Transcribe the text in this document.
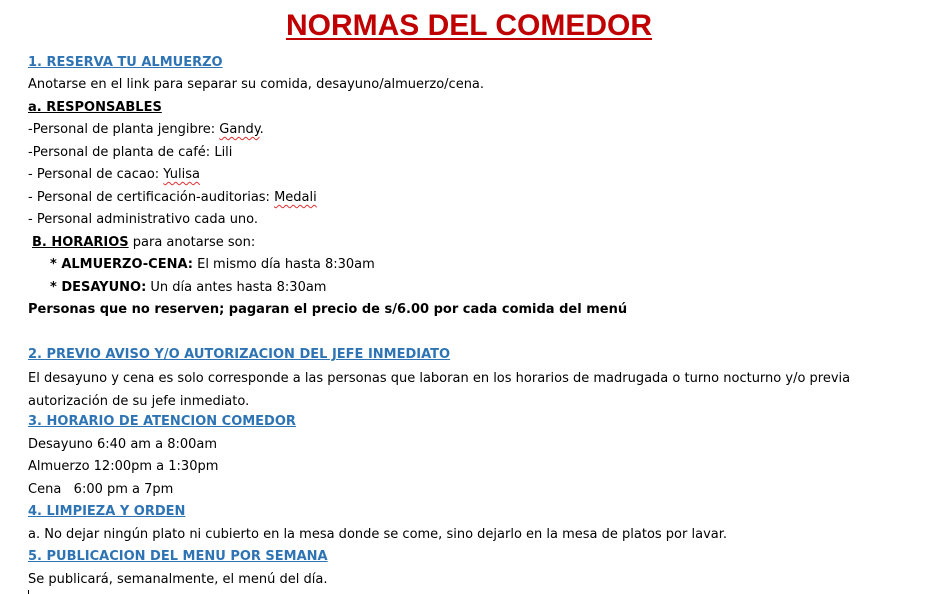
NORMAS DEL COMEDOR
1. RESERVA TU ALMUERZO
Anotarse en el link para separar su comida, desayuno/almuerzo/cena.
a. RESPONSABLES
-Personal de planta jengibre: Gandy.
-Personal de planta de café: Lili
- Personal de cacao: Yulisa
- Personal de certificación-auditorias: Medali
- Personal administrativo cada uno.
B. HORARIOS para anotarse son:
* ALMUERZO-CENA: El mismo día hasta 8:30am
* DESAYUNO: Un día antes hasta 8:30am
Personas que no reserven; pagaran el precio de s/6.00 por cada comida del menú
2. PREVIO AVISO Y/O AUTORIZACION DEL JEFE INMEDIATO
El desayuno y cena es solo corresponde a las personas que laboran en los horarios de madrugada o turno nocturno y/o previa autorización de su jefe inmediato.
3. HORARIO DE ATENCION COMEDOR
Desayuno 6:40 am a 8:00am
Almuerzo 12:00pm a 1:30pm
Cena   6:00 pm a 7pm
4. LIMPIEZA Y ORDEN
a. No dejar ningún plato ni cubierto en la mesa donde se come, sino dejarlo en la mesa de platos por lavar.
5. PUBLICACION DEL MENU POR SEMANA
Se publicará, semanalmente, el menú del día.
